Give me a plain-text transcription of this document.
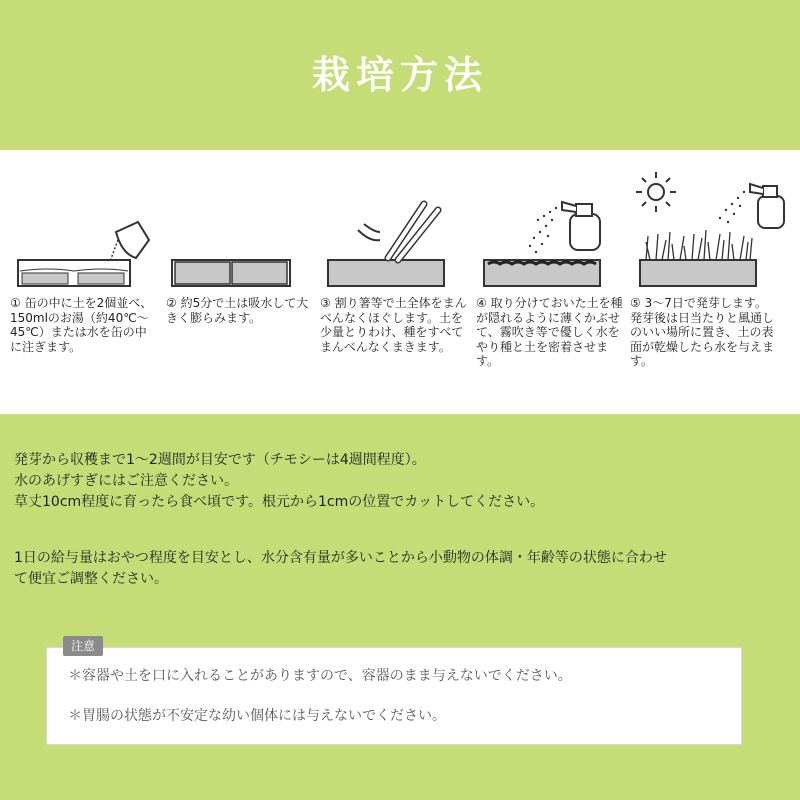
栽培方法
① 缶の中に土を2個並べ、150mlのお湯（約40℃～45℃）または水を缶の中に注ぎます。
② 約5分で土は吸水して大きく膨らみます。
③ 割り箸等で土全体をまんべんなくほぐします。土を少量とりわけ、種をすべてまんべんなくまきます。
④ 取り分けておいた土を種が隠れるように薄くかぶせて、霧吹き等で優しく水をやり種と土を密着させます。
⑤ 3～7日で発芽します。発芽後は日当たりと風通しのいい場所に置き、土の表面が乾燥したら水を与えます。
発芽から収穫まで1～2週間が目安です（チモシーは4週間程度）。
水のあげすぎにはご注意ください。
草丈10cm程度に育ったら食べ頃です。根元から1cmの位置でカットしてください。
1日の給与量はおやつ程度を目安とし、水分含有量が多いことから小動物の体調・年齢等の状態に合わせ
て便宜ご調整ください。
注意
＊容器や土を口に入れることがありますので、容器のまま与えないでください。
＊胃腸の状態が不安定な幼い個体には与えないでください。
